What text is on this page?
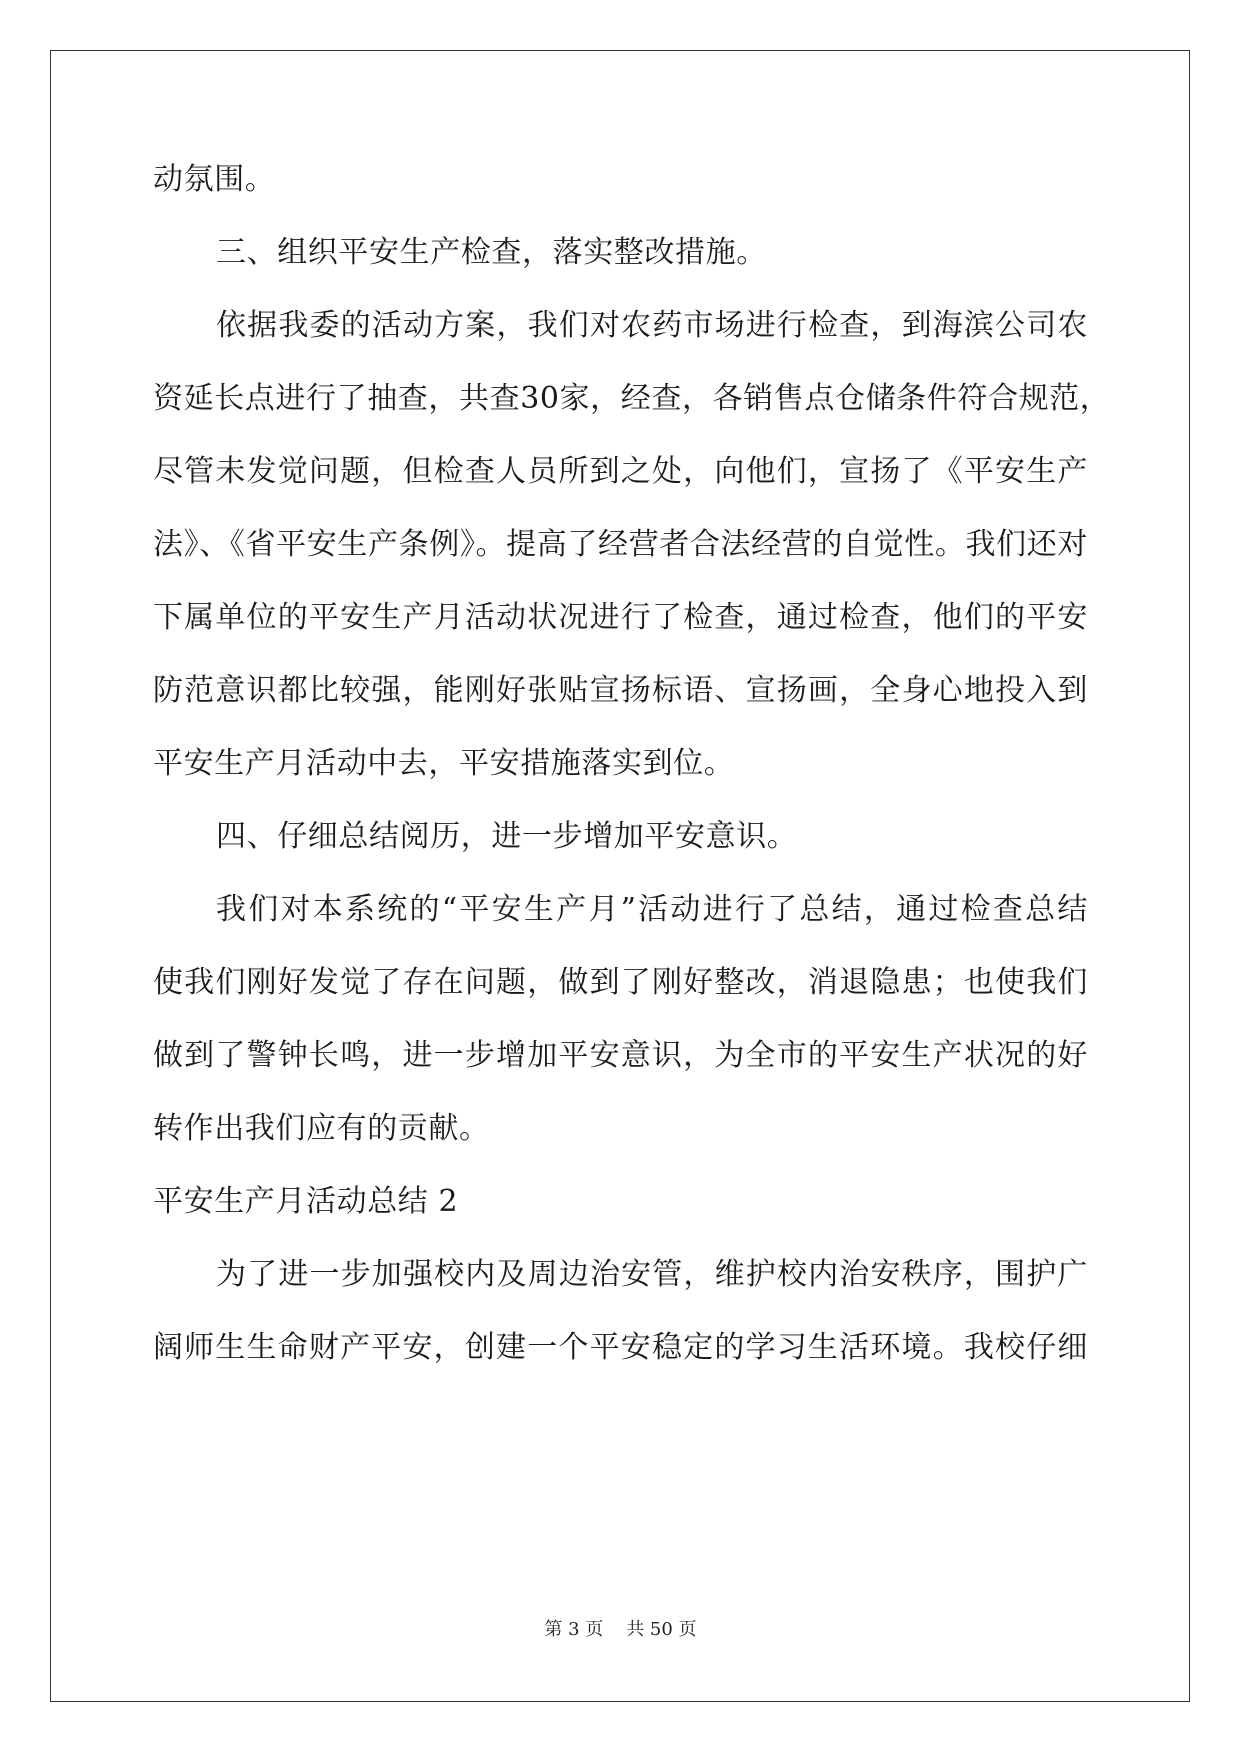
动氛围。
三、组织平安生产检查，落实整改措施。
依据我委的活动方案，我们对农药市场进行检查，到海滨公司农
资延长点进行了抽查，共查30家，经查，各销售点仓储条件符合规范，
尽管未发觉问题，但检查人员所到之处，向他们，宣扬了《平安生产
法》、《省平安生产条例》。提高了经营者合法经营的自觉性。我们还对
下属单位的平安生产月活动状况进行了检查，通过检查，他们的平安
防范意识都比较强，能刚好张贴宣扬标语、宣扬画，全身心地投入到
平安生产月活动中去，平安措施落实到位。
四、仔细总结阅历，进一步增加平安意识。
我们对本系统的“平安生产月”活动进行了总结，通过检查总结
使我们刚好发觉了存在问题，做到了刚好整改，消退隐患；也使我们
做到了警钟长鸣，进一步增加平安意识，为全市的平安生产状况的好
转作出我们应有的贡献。
平安生产月活动总结 2
为了进一步加强校内及周边治安管，维护校内治安秩序，围护广
阔师生生命财产平安，创建一个平安稳定的学习生活环境。我校仔细
第 3 页    共 50 页
